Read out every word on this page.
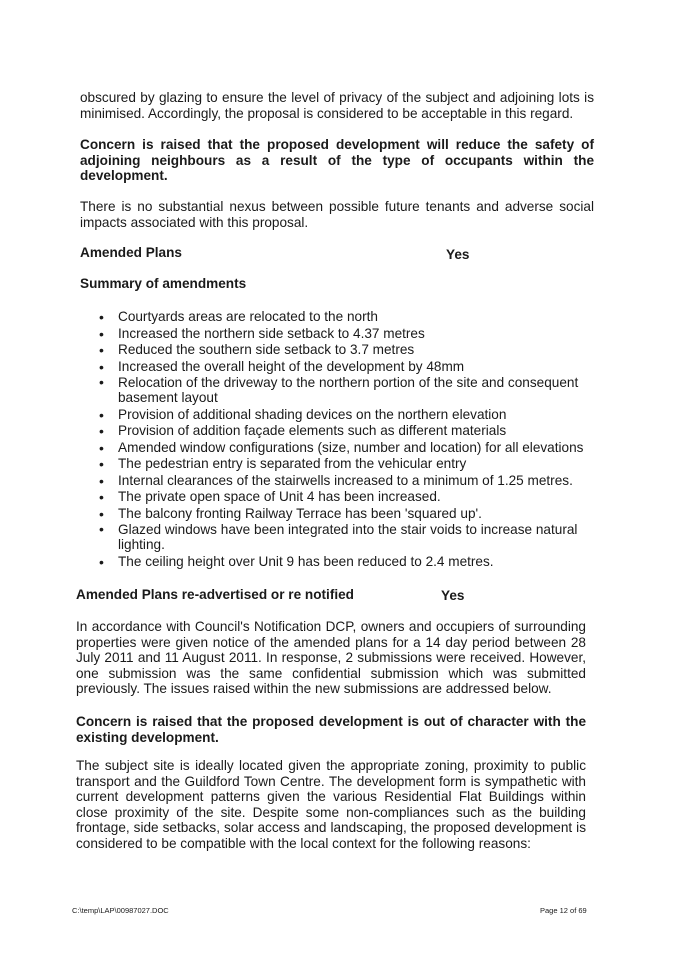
obscured by glazing to ensure the level of privacy of the subject and adjoining lots is minimised. Accordingly, the proposal is considered to be acceptable in this regard.

Concern is raised that the proposed development will reduce the safety of adjoining neighbours as a result of the type of occupants within the development.

There is no substantial nexus between possible future tenants and adverse social impacts associated with this proposal.

Amended Plans	Yes

Summary of amendments

• Courtyards areas are relocated to the north
• Increased the northern side setback to 4.37 metres
• Reduced the southern side setback to 3.7 metres
• Increased the overall height of the development by 48mm
• Relocation of the driveway to the northern portion of the site and consequent basement layout
• Provision of additional shading devices on the northern elevation
• Provision of addition façade elements such as different materials
• Amended window configurations (size, number and location) for all elevations
• The pedestrian entry is separated from the vehicular entry
• Internal clearances of the stairwells increased to a minimum of 1.25 metres.
• The private open space of Unit 4 has been increased.
• The balcony fronting Railway Terrace has been 'squared up'.
• Glazed windows have been integrated into the stair voids to increase natural lighting.
• The ceiling height over Unit 9 has been reduced to 2.4 metres.

Amended Plans re-advertised or re notified	Yes

In accordance with Council's Notification DCP, owners and occupiers of surrounding properties were given notice of the amended plans for a 14 day period between 28 July 2011 and 11 August 2011. In response, 2 submissions were received. However, one submission was the same confidential submission which was submitted previously. The issues raised within the new submissions are addressed below.

Concern is raised that the proposed development is out of character with the existing development.

The subject site is ideally located given the appropriate zoning, proximity to public transport and the Guildford Town Centre. The development form is sympathetic with current development patterns given the various Residential Flat Buildings within close proximity of the site. Despite some non-compliances such as the building frontage, side setbacks, solar access and landscaping, the proposed development is considered to be compatible with the local context for the following reasons:

C:\temp\LAP\00987027.DOC	Page 12 of 69
